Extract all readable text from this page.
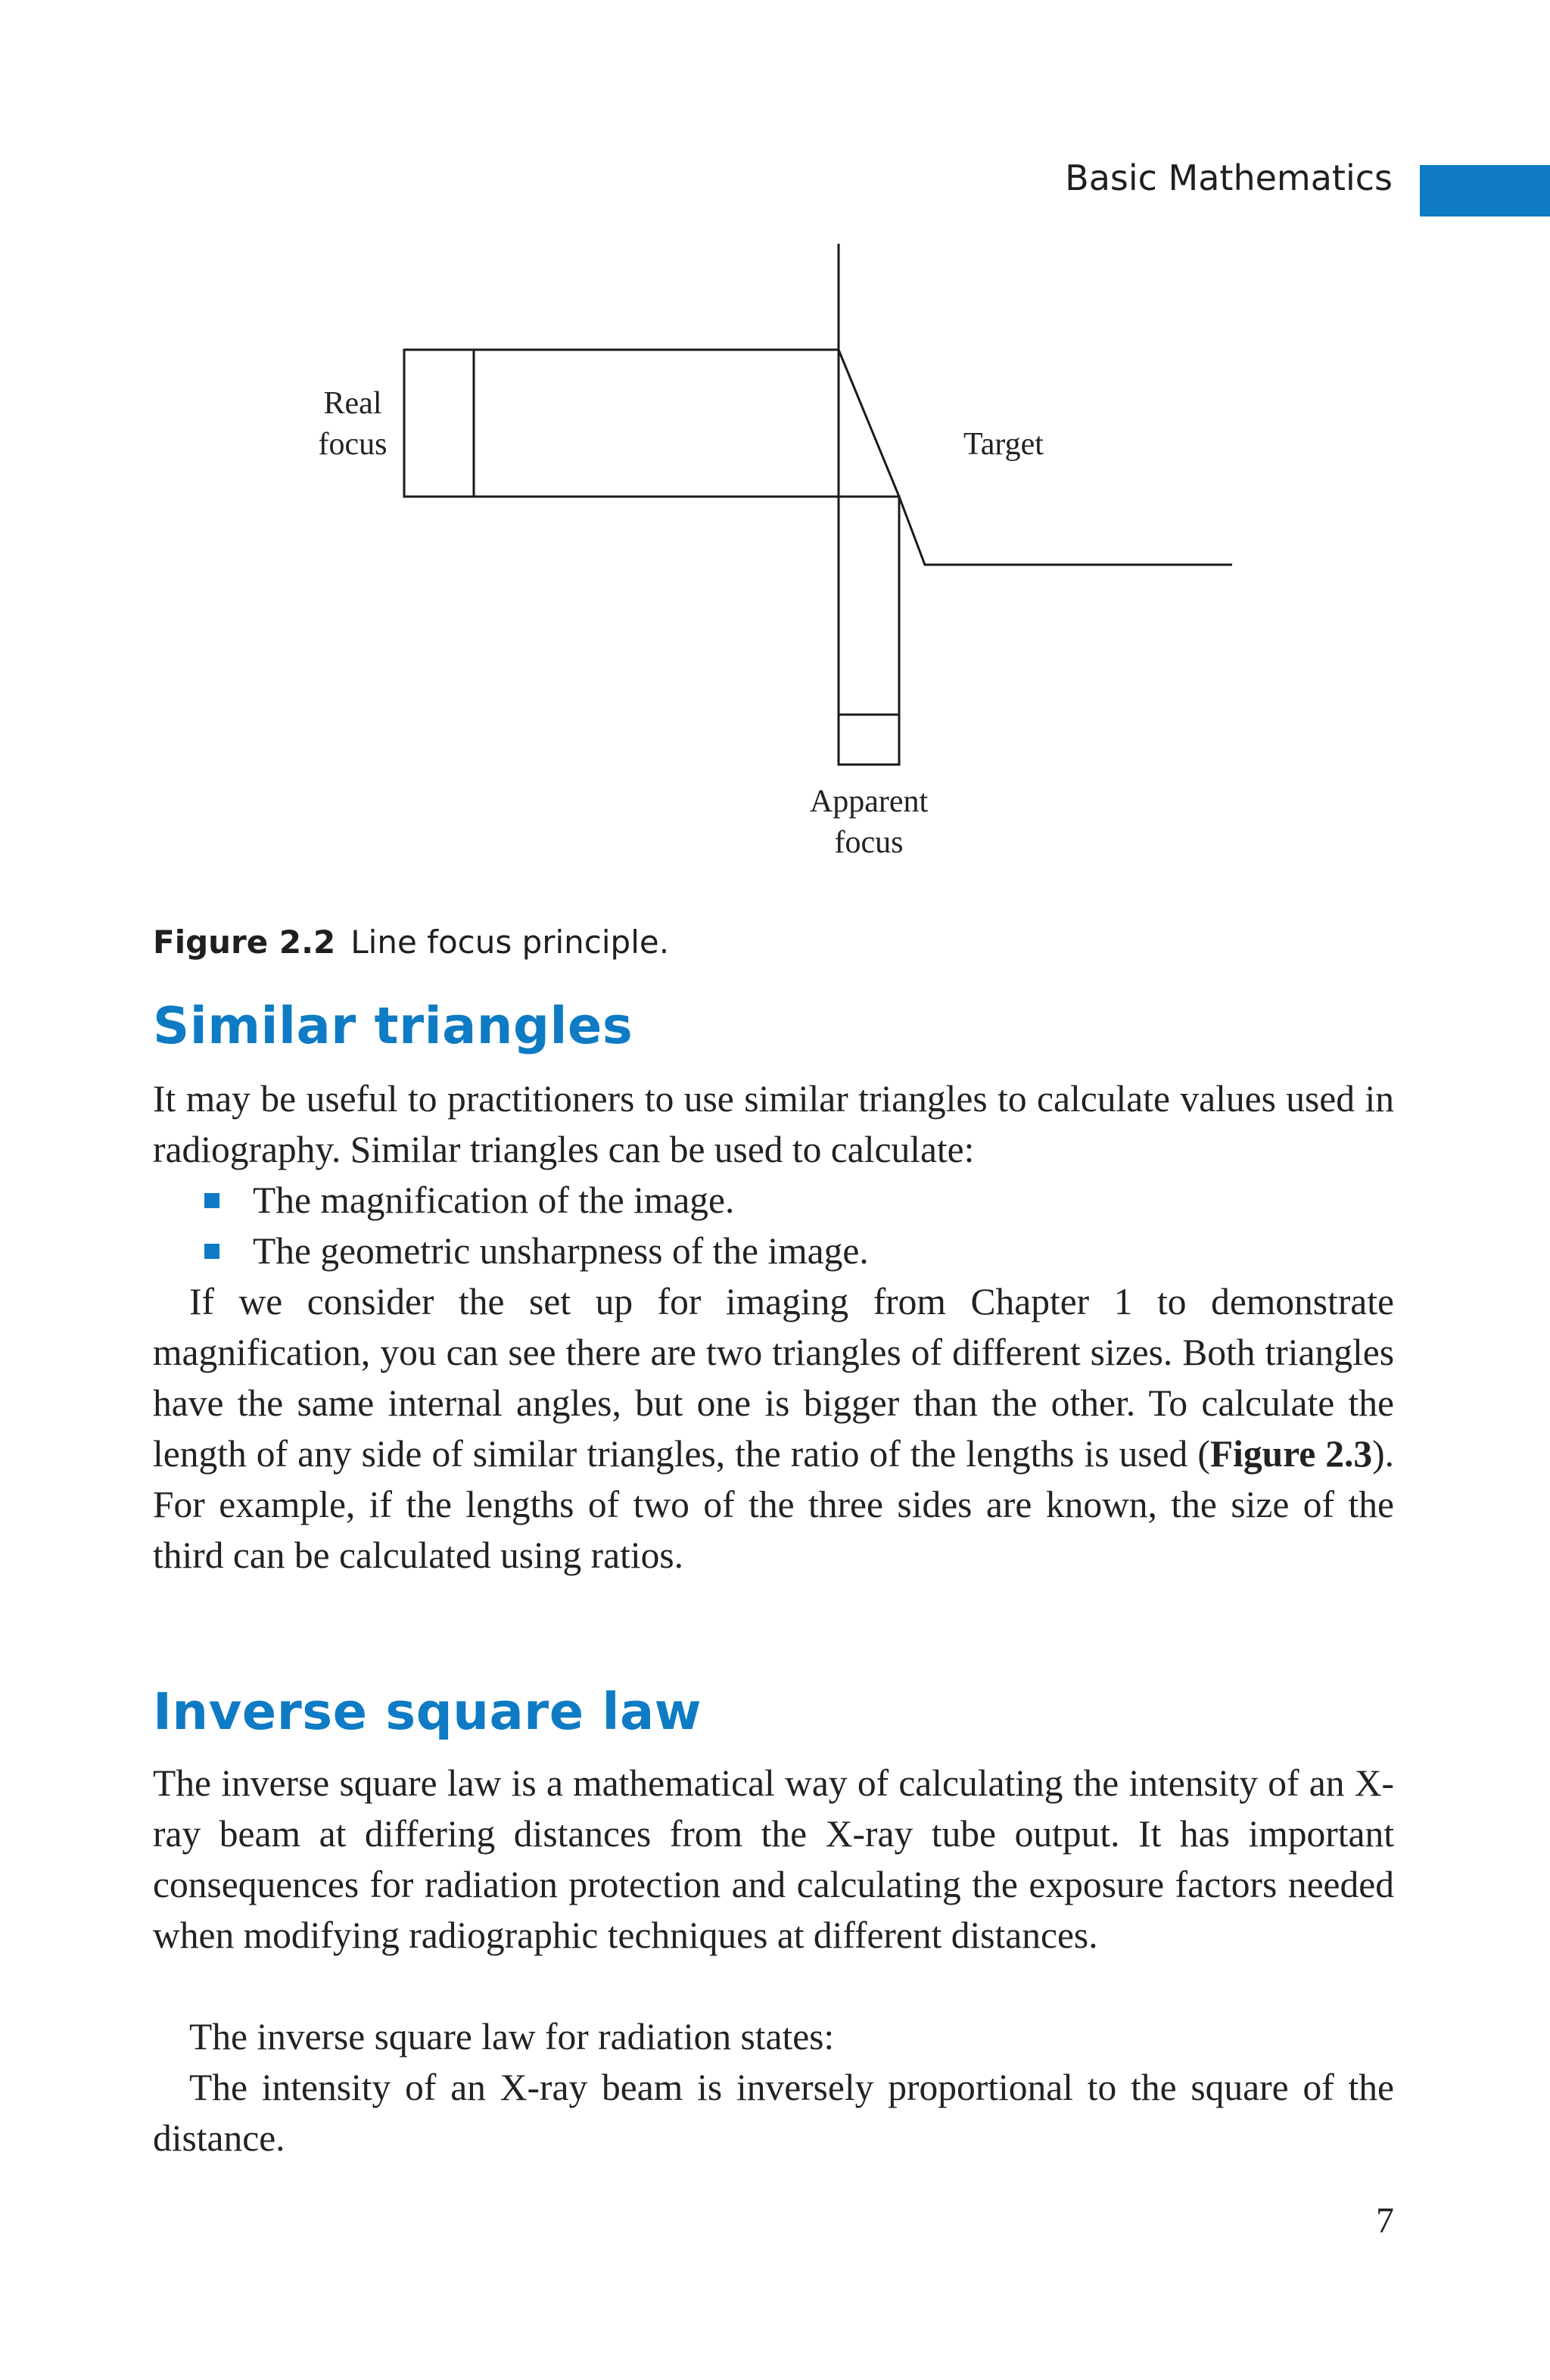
Basic Mathematics
Real
focus	Target
Apparent
focus
Figure 2.2 Line focus principle.
Similar triangles

It may be useful to practitioners to use similar triangles to calculate values used in radiography. Similar triangles can be used to calculate:

The magnification of the image.
The geometric unsharpness of the image.

If we consider the set up for imaging from Chapter 1 to demonstrate magnification, you can see there are two triangles of different sizes. Both triangles have the same internal angles, but one is bigger than the other. To calculate the length of any side of similar triangles, the ratio of the lengths is used (Figure 2.3). For example, if the lengths of two of the three sides are known, the size of the third can be calculated using ratios.

Inverse square law

The inverse square law is a mathematical way of calculating the intensity of an X-ray beam at differing distances from the X-ray tube output. It has important consequences for radiation protection and calculating the exposure factors needed when modifying radiographic techniques at different distances.

The inverse square law for radiation states:

The intensity of an X-ray beam is inversely proportional to the square of the distance.

7
